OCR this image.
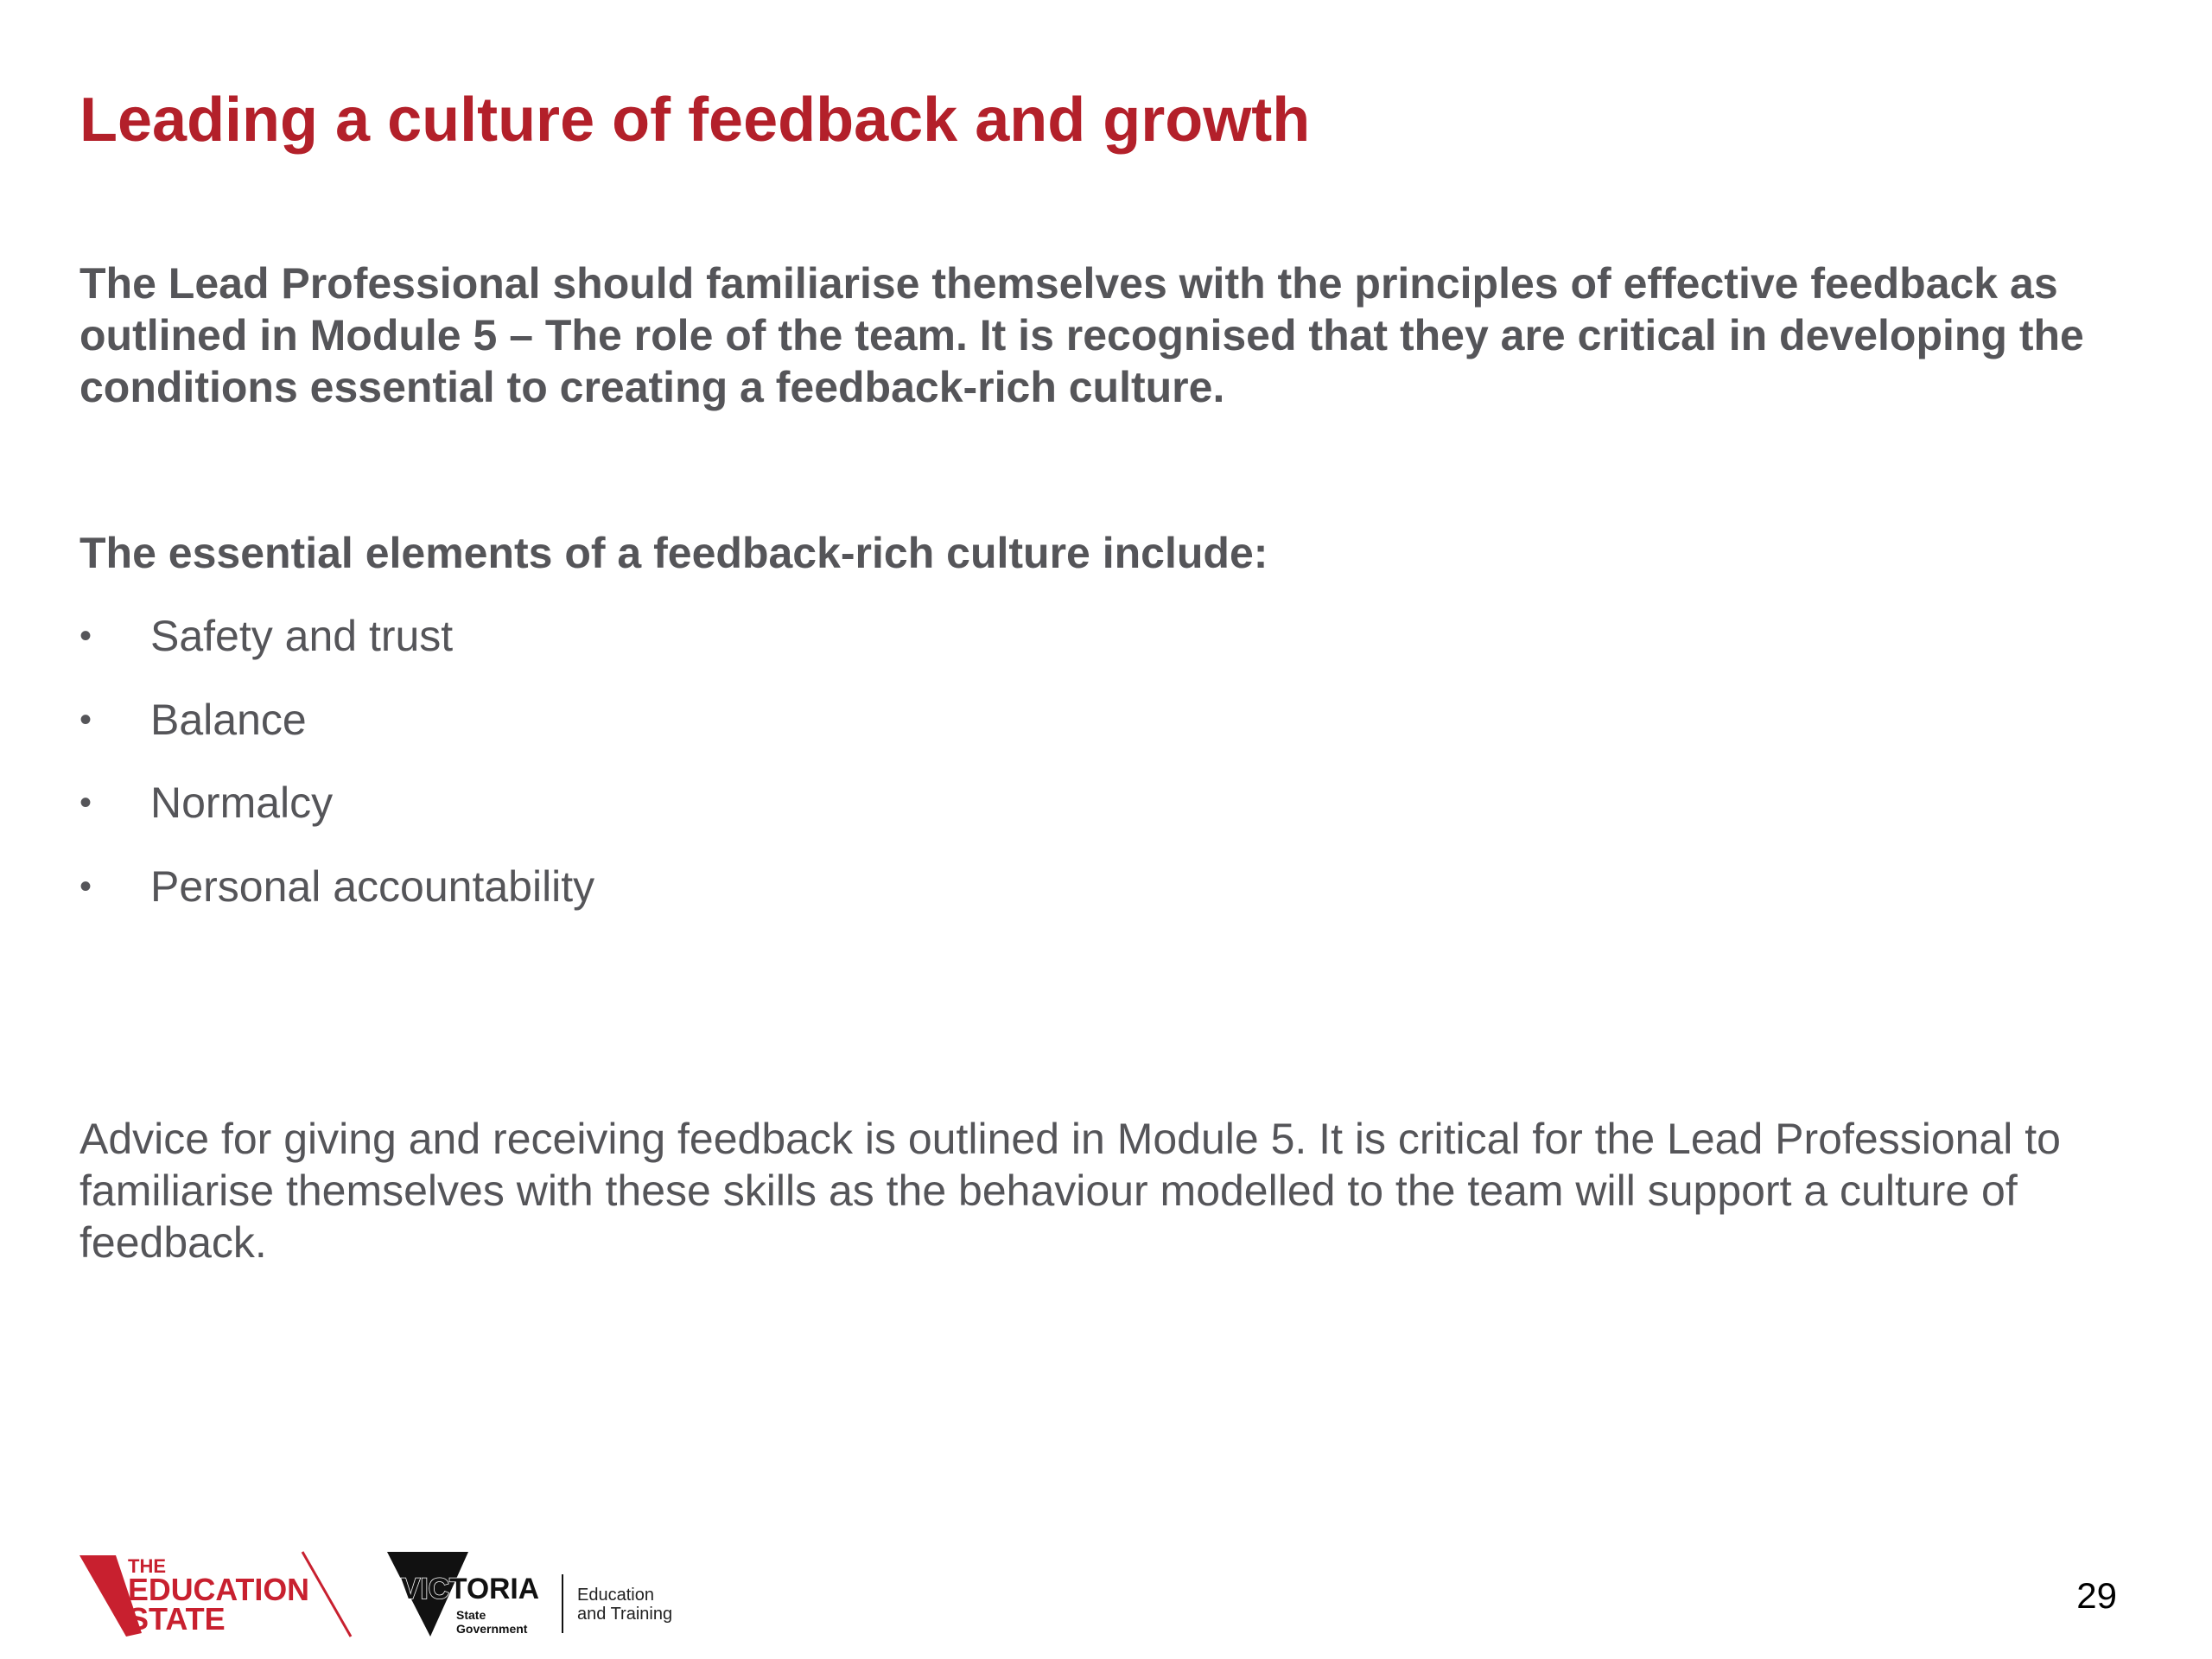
Leading a culture of feedback and growth

The Lead Professional should familiarise themselves with the principles of effective feedback as outlined in Module 5 – The role of the team. It is recognised that they are critical in developing the conditions essential to creating a feedback-rich culture.

The essential elements of a feedback-rich culture include:

•	Safety and trust
•	Balance
•	Normalcy
•	Personal accountability

Advice for giving and receiving feedback is outlined in Module 5. It is critical for the Lead Professional to familiarise themselves with these skills as the behaviour modelled to the team will support a culture of feedback.

THE
EDUCATION
STATE
VICTORIA
State
Government
Education
and Training	29
